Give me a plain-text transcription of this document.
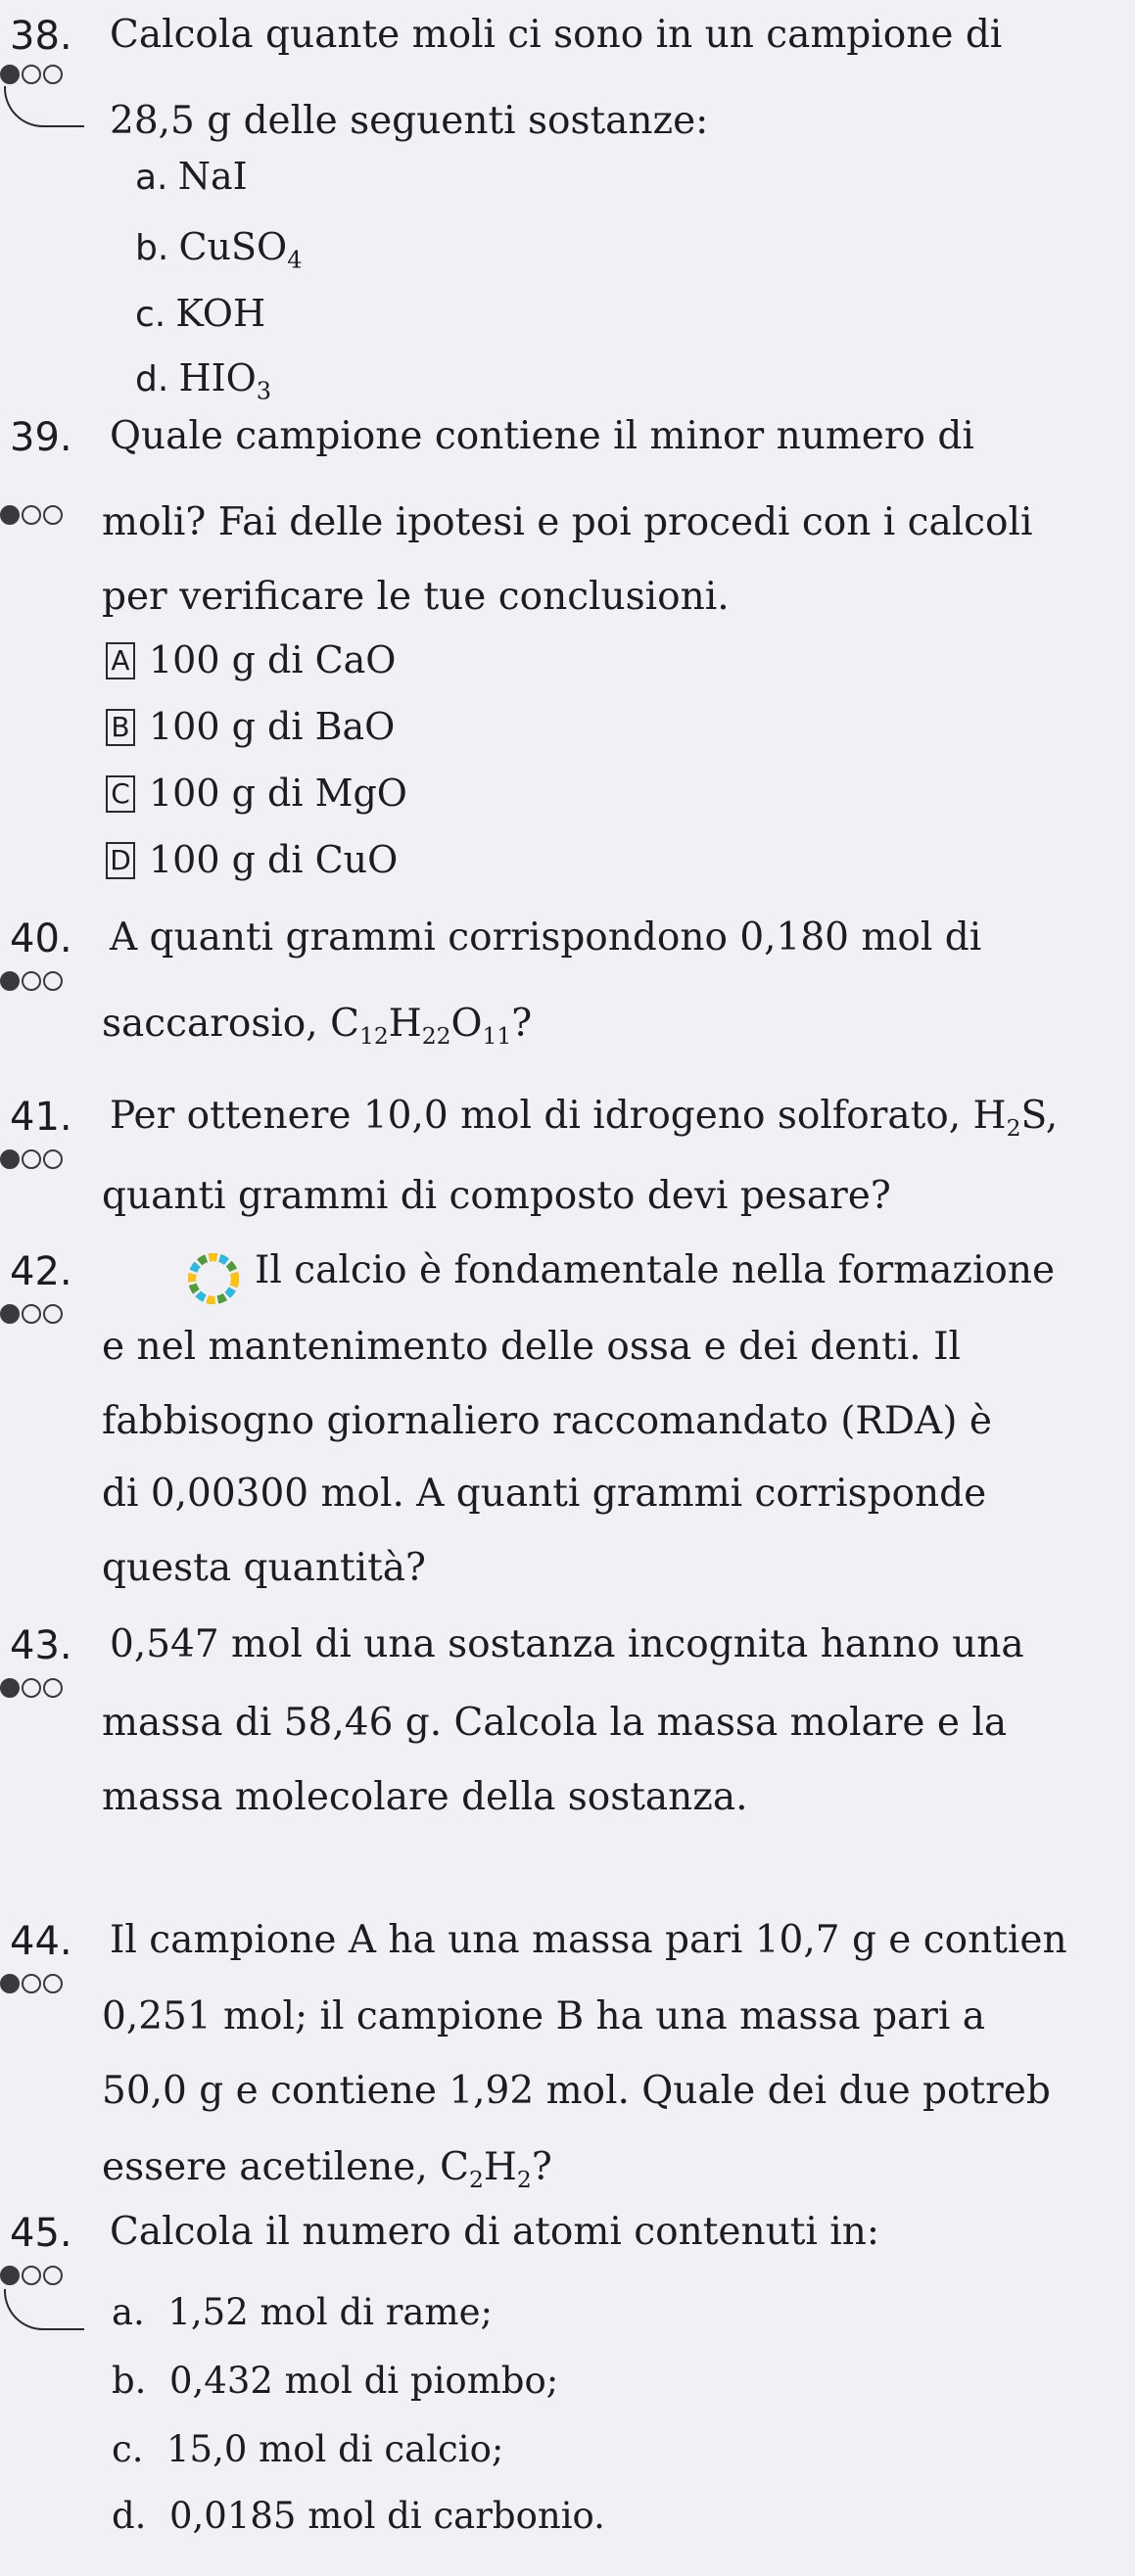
38. Calcola quante moli ci sono in un campione di
28,5 g delle seguenti sostanze:
a. NaI
b. CuSO$_4$
c. KOH
d. $HIO_3$
39. Quale campione contiene il minor numero di
moli? Fai delle ipotesi e poi procedi con i calcoli
per verificare le tue conclusioni.
A 100 g di CaO
B 100 g di BaO
C 100 g di MgO
D 100 g di CuO
40. A quanti grammi corrispondono 0,180 mol di
saccarosio, $C_{12}H_{22}O_{11}$?
41. Per ottenere 10,0 mol di idrogeno solforato, $H_2S$,
quanti grammi di composto devi pesare?
42.	Il calcio è fondamentale nella formazione
e nel mantenimento delle ossa e dei denti. Il
fabbisogno giornaliero raccomandato (RDA) è
di 0,00300 mol. A quanti grammi corrisponde
questa quantità?
43. 0,547 mol di una sostanza incognita hanno una
massa di 58,46 g. Calcola la massa molare e la
massa molecolare della sostanza.
44. Il campione A ha una massa pari 10,7 g e contien
0,251 mol; il campione B ha una massa pari a
50,0 g e contiene 1,92 mol. Quale dei due potreb
essere acetilene, $C_2H_2$?
45. Calcola il numero di atomi contenuti in:
a. 1,52 mol di rame;
b. 0,432 mol di piombo;
c. 15,0 mol di calcio;
d. 0,0185 mol di carbonio.
